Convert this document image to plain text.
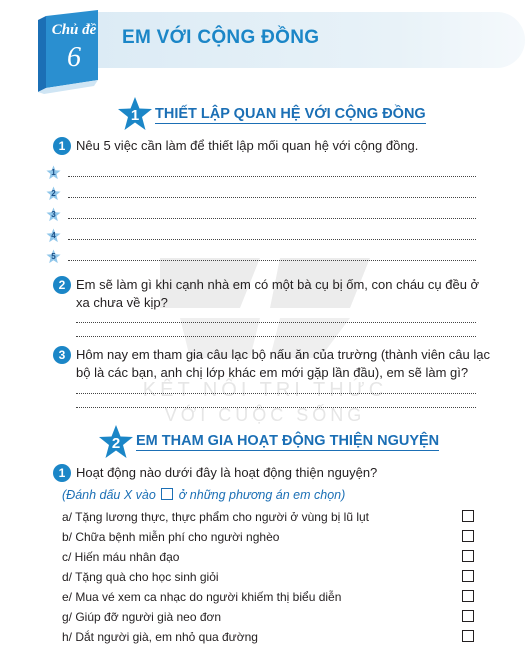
KẾT NỐI TRI THỨC
VỚI CUỘC SỐNG
Chủ đề
6
EM VỚI CỘNG ĐỒNG
1 THIẾT LẬP QUAN HỆ VỚI CỘNG ĐỒNG
1 Nêu 5 việc cần làm để thiết lập mối quan hệ với cộng đồng.
1
2
3
4
5
2 Em sẽ làm gì khi cạnh nhà em có một bà cụ bị ốm, con cháu cụ đều ở
xa chưa về kịp?
3 Hôm nay em tham gia câu lạc bộ nấu ăn của trường (thành viên câu lạc
bộ là các bạn, anh chị lớp khác em mới gặp lần đầu), em sẽ làm gì?
2 EM THAM GIA HOẠT ĐỘNG THIỆN NGUYỆN
1 Hoạt động nào dưới đây là hoạt động thiện nguyện?
(Đánh dấu X vào ở những phương án em chọn)
a/ Tặng lương thực, thực phẩm cho người ở vùng bị lũ lụt
b/ Chữa bệnh miễn phí cho người nghèo
c/ Hiến máu nhân đạo
d/ Tặng quà cho học sinh giỏi
e/ Mua vé xem ca nhạc do người khiếm thị biểu diễn
g/ Giúp đỡ người già neo đơn
h/ Dắt người già, em nhỏ qua đường
